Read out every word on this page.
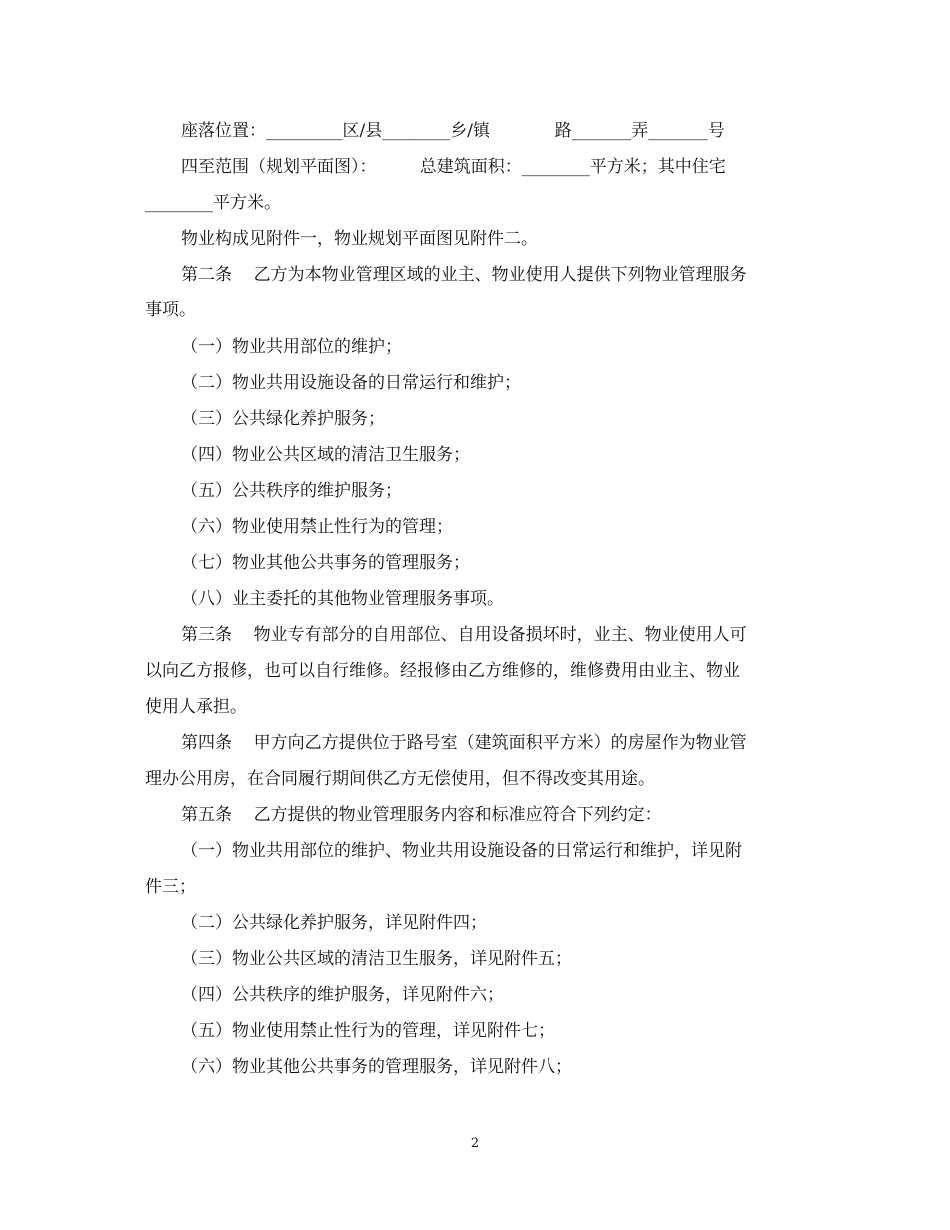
座落位置：_________区/县________乡/镇            路_______弄_______号
四至范围（规划平面图）：        总建筑面积：________平方米；其中住宅
________平方米。
物业构成见附件一，物业规划平面图见附件二。
第二条    乙方为本物业管理区域的业主、物业使用人提供下列物业管理服务
事项。
（一）物业共用部位的维护；
（二）物业共用设施设备的日常运行和维护；
（三）公共绿化养护服务；
（四）物业公共区域的清洁卫生服务；
（五）公共秩序的维护服务；
（六）物业使用禁止性行为的管理；
（七）物业其他公共事务的管理服务；
（八）业主委托的其他物业管理服务事项。
第三条    物业专有部分的自用部位、自用设备损坏时，业主、物业使用人可
以向乙方报修，也可以自行维修。经报修由乙方维修的，维修费用由业主、物业
使用人承担。
第四条    甲方向乙方提供位于路号室（建筑面积平方米）的房屋作为物业管
理办公用房，在合同履行期间供乙方无偿使用，但不得改变其用途。
第五条    乙方提供的物业管理服务内容和标准应符合下列约定：
（一）物业共用部位的维护、物业共用设施设备的日常运行和维护，详见附
件三；
（二）公共绿化养护服务，详见附件四；
（三）物业公共区域的清洁卫生服务，详见附件五；
（四）公共秩序的维护服务，详见附件六；
（五）物业使用禁止性行为的管理，详见附件七；
（六）物业其他公共事务的管理服务，详见附件八；
2
